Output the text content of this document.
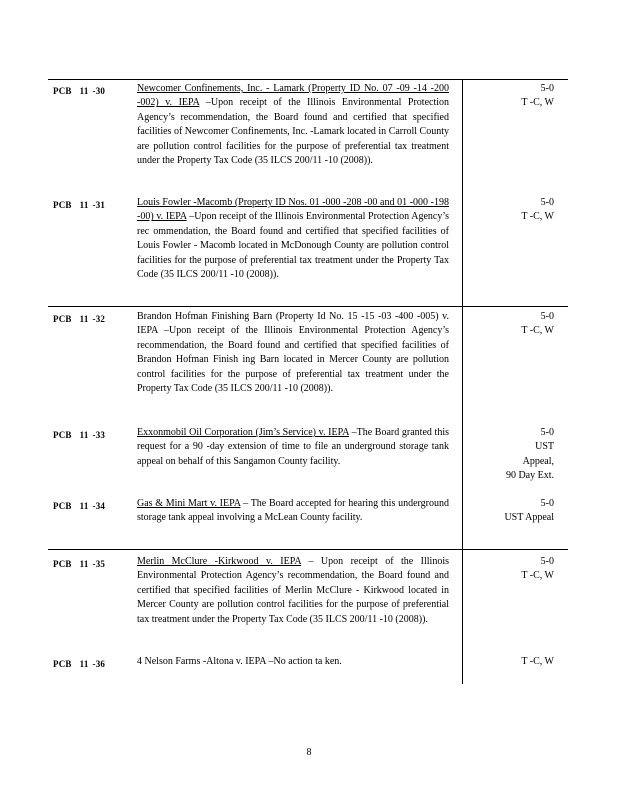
PCB 11 -30	Newcomer Confinements, Inc. - Lamark (Property ID No. 07 -09 -14 -200 -002) v. IEPA –Upon receipt of the Illinois Environmental Protection Agency’s recommendation, the Board found and certified that specified facilities of Newcomer Confinements, Inc. -Lamark located in Carroll County are pollution control facilities for the purpose of preferential tax treatment under the Property Tax Code (35 ILCS 200/11 -10 (2008)).
5-0
T -C, W
PCB 11 -31	Louis Fowler -Macomb (Property ID Nos. 01 -000 -208 -00 and 01 -000 -198 -00) v. IEPA –Upon receipt of the Illinois Environmental Protection Agency’s rec ommendation, the Board found and certified that specified facilities of Louis Fowler - Macomb located in McDonough County are pollution control facilities for the purpose of preferential tax treatment under the Property Tax Code (35 ILCS 200/11 -10 (2008)).
5-0
T -C, W
PCB 11 -32	Brandon Hofman Finishing Barn (Property Id No. 15 -15 -03 -400 -005) v. IEPA –Upon receipt of the Illinois Environmental Protection Agency’s recommendation, the Board found and certified that specified facilities of Brandon Hofman Finish ing Barn located in Mercer County are pollution control facilities for the purpose of preferential tax treatment under the Property Tax Code (35 ILCS 200/11 -10 (2008)).
5-0
T -C, W
PCB 11 -33	Exxonmobil Oil Corporation (Jim’s Service) v. IEPA –The Board granted this request for a 90 -day extension of time to file an underground storage tank appeal on behalf of this Sangamon County facility.
5-0
UST
Appeal,
90 Day Ext.
PCB 11 -34	Gas & Mini Mart v. IEPA – The Board accepted for hearing this underground storage tank appeal involving a McLean County facility.
5-0
UST Appeal
PCB 11 -35	Merlin McClure -Kirkwood v. IEPA – Upon receipt of the Illinois Environmental Protection Agency’s recommendation, the Board found and certified that specified facilities of Merlin McClure - Kirkwood located in Mercer County are pollution control facilities for the purpose of preferential tax treatment under the Property Tax Code (35 ILCS 200/11 -10 (2008)).
5-0
T -C, W
PCB 11 -36	4 Nelson Farms -Altona v. IEPA –No action ta ken.	T -C, W
8
